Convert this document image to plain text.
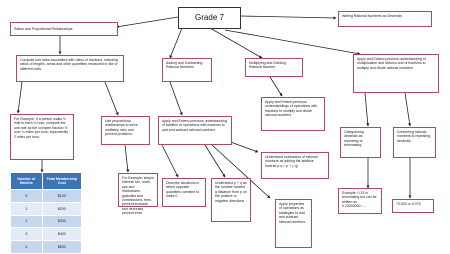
Grade 7
Ratios and Proportional Relationships
Writing Rational Numbers as Decimals
Compute unit rates associated with ratios of fractions, including ratios of lengths, areas and other quantities measured in like or different units
Adding and Subtracting Rational Numbers
Multiplying and Dividing Rational Number
Apply and Extend previous understanding of multiplication and division and of fractions to multiply and divide rational numbers
For Example: If a person walks ½ mile in each ¼ hour, compute the unit rate as the complex fraction ½ over ¼ miles per hour, equivalently 2 miles per hour.
Use proportional relationships to solve multistep ratio and percent problems.
Apply and Extend previous understanding of addition of operations with fractions to add and subtract rational numbers
Apply and Extend previous understandings of operations with fractions to multiply and divide rational numbers
Categorizing decimals as repeating or terminating
Converting rational numbers to repeating decimals
For Example: simple interest, tax, mark-ups and markdowns, gratuities and commissions, fees, percent increase and decrease, percent error.
Understand subtraction of rational numbers as adding the additive inverse p-q = p + (-q)
Describe situations in which opposite quantities combine to make 0.
Understand p + q as the number located a distance from p on the positive or negative directions
Apply properties of operations as strategies to add and subtract rational numbers
Example: 0.23 is terminating but can be written as 0.23000000......
7/1000 or 0.075
Number of Months	Total Membership Cost
0	$100
1	$200
2	$300
3	$400
4	$500
